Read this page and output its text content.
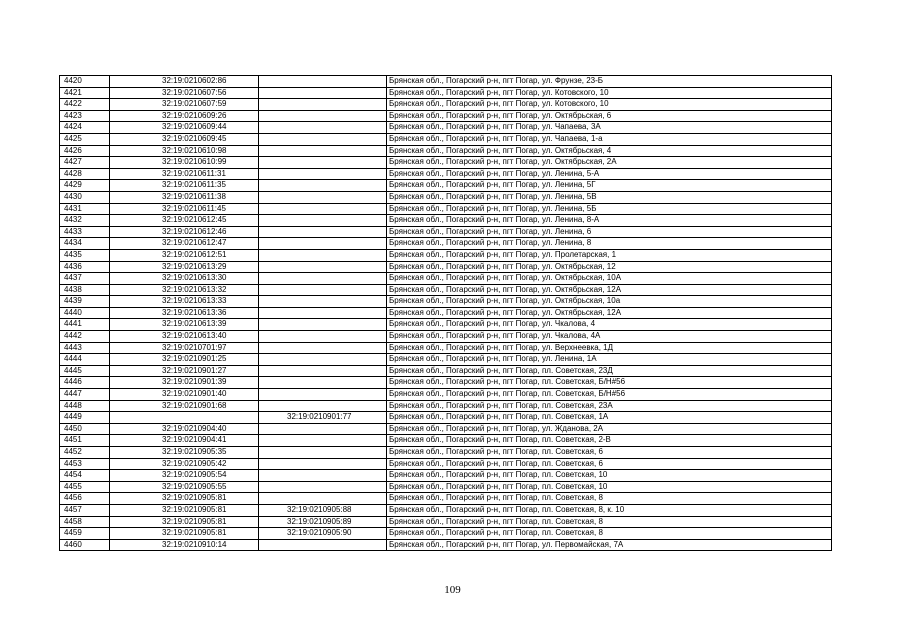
4420	32:19:0210602:86		Брянская обл., Погарский р-н, пгт Погар, ул. Фрунзе, 23-Б
4421	32:19:0210607:56		Брянская обл., Погарский р-н, пгт Погар, ул. Котовского, 10
4422	32:19:0210607:59		Брянская обл., Погарский р-н, пгт Погар, ул. Котовского, 10
4423	32:19:0210609:26		Брянская обл., Погарский р-н, пгт Погар, ул. Октябрьская, 6
4424	32:19:0210609:44		Брянская обл., Погарский р-н, пгт Погар, ул. Чапаева, 3А
4425	32:19:0210609:45		Брянская обл., Погарский р-н, пгт Погар, ул. Чапаева, 1-а
4426	32:19:0210610:98		Брянская обл., Погарский р-н, пгт Погар, ул. Октябрьская, 4
4427	32:19:0210610:99		Брянская обл., Погарский р-н, пгт Погар, ул. Октябрьская, 2А
4428	32:19:0210611:31		Брянская обл., Погарский р-н, пгт Погар, ул. Ленина, 5-А
4429	32:19:0210611:35		Брянская обл., Погарский р-н, пгт Погар, ул. Ленина, 5Г
4430	32:19:0210611:38		Брянская обл., Погарский р-н, пгт Погар, ул. Ленина, 5В
4431	32:19:0210611:45		Брянская обл., Погарский р-н, пгт Погар, ул. Ленина, 5Б
4432	32:19:0210612:45		Брянская обл., Погарский р-н, пгт Погар, ул. Ленина, 8-А
4433	32:19:0210612:46		Брянская обл., Погарский р-н, пгт Погар, ул. Ленина, 6
4434	32:19:0210612:47		Брянская обл., Погарский р-н, пгт Погар, ул. Ленина, 8
4435	32:19:0210612:51		Брянская обл., Погарский р-н, пгт Погар, ул. Пролетарская, 1
4436	32:19:0210613:29		Брянская обл., Погарский р-н, пгт Погар, ул. Октябрьская, 12
4437	32:19:0210613:30		Брянская обл., Погарский р-н, пгт Погар, ул. Октябрьская, 10А
4438	32:19:0210613:32		Брянская обл., Погарский р-н, пгт Погар, ул. Октябрьская, 12А
4439	32:19:0210613:33		Брянская обл., Погарский р-н, пгт Погар, ул. Октябрьская, 10а
4440	32:19:0210613:36		Брянская обл., Погарский р-н, пгт Погар, ул. Октябрьская, 12А
4441	32:19:0210613:39		Брянская обл., Погарский р-н, пгт Погар, ул. Чкалова, 4
4442	32:19:0210613:40		Брянская обл., Погарский р-н, пгт Погар, ул. Чкалова, 4А
4443	32:19:0210701:97		Брянская обл., Погарский р-н, пгт Погар, ул. Верхнеевка, 1Д
4444	32:19:0210901:25		Брянская обл., Погарский р-н, пгт Погар, ул. Ленина, 1А
4445	32:19:0210901:27		Брянская обл., Погарский р-н, пгт Погар, пл. Советская, 23Д
4446	32:19:0210901:39		Брянская обл., Погарский р-н, пгт Погар, пл. Советская, Б/Н#56
4447	32:19:0210901:40		Брянская обл., Погарский р-н, пгт Погар, пл. Советская, Б/Н#56
4448	32:19:0210901:68		Брянская обл., Погарский р-н, пгт Погар, пл. Советская, 23А
4449		32:19:0210901:77	Брянская обл., Погарский р-н, пгт Погар, пл. Советская, 1А
4450	32:19:0210904:40		Брянская обл., Погарский р-н, пгт Погар, ул. Жданова, 2А
4451	32:19:0210904:41		Брянская обл., Погарский р-н, пгт Погар, пл. Советская, 2-В
4452	32:19:0210905:35		Брянская обл., Погарский р-н, пгт Погар, пл. Советская, 6
4453	32:19:0210905:42		Брянская обл., Погарский р-н, пгт Погар, пл. Советская, 6
4454	32:19:0210905:54		Брянская обл., Погарский р-н, пгт Погар, пл. Советская, 10
4455	32:19:0210905:55		Брянская обл., Погарский р-н, пгт Погар, пл. Советская, 10
4456	32:19:0210905:81		Брянская обл., Погарский р-н, пгт Погар, пл. Советская, 8
4457	32:19:0210905:81	32:19:0210905:88	Брянская обл., Погарский р-н, пгт Погар, пл. Советская, 8, к. 10
4458	32:19:0210905:81	32:19:0210905:89	Брянская обл., Погарский р-н, пгт Погар, пл. Советская, 8
4459	32:19:0210905:81	32:19:0210905:90	Брянская обл., Погарский р-н, пгт Погар, пл. Советская, 8
4460	32:19:0210910:14		Брянская обл., Погарский р-н, пгт Погар, ул. Первомайская, 7А
109
